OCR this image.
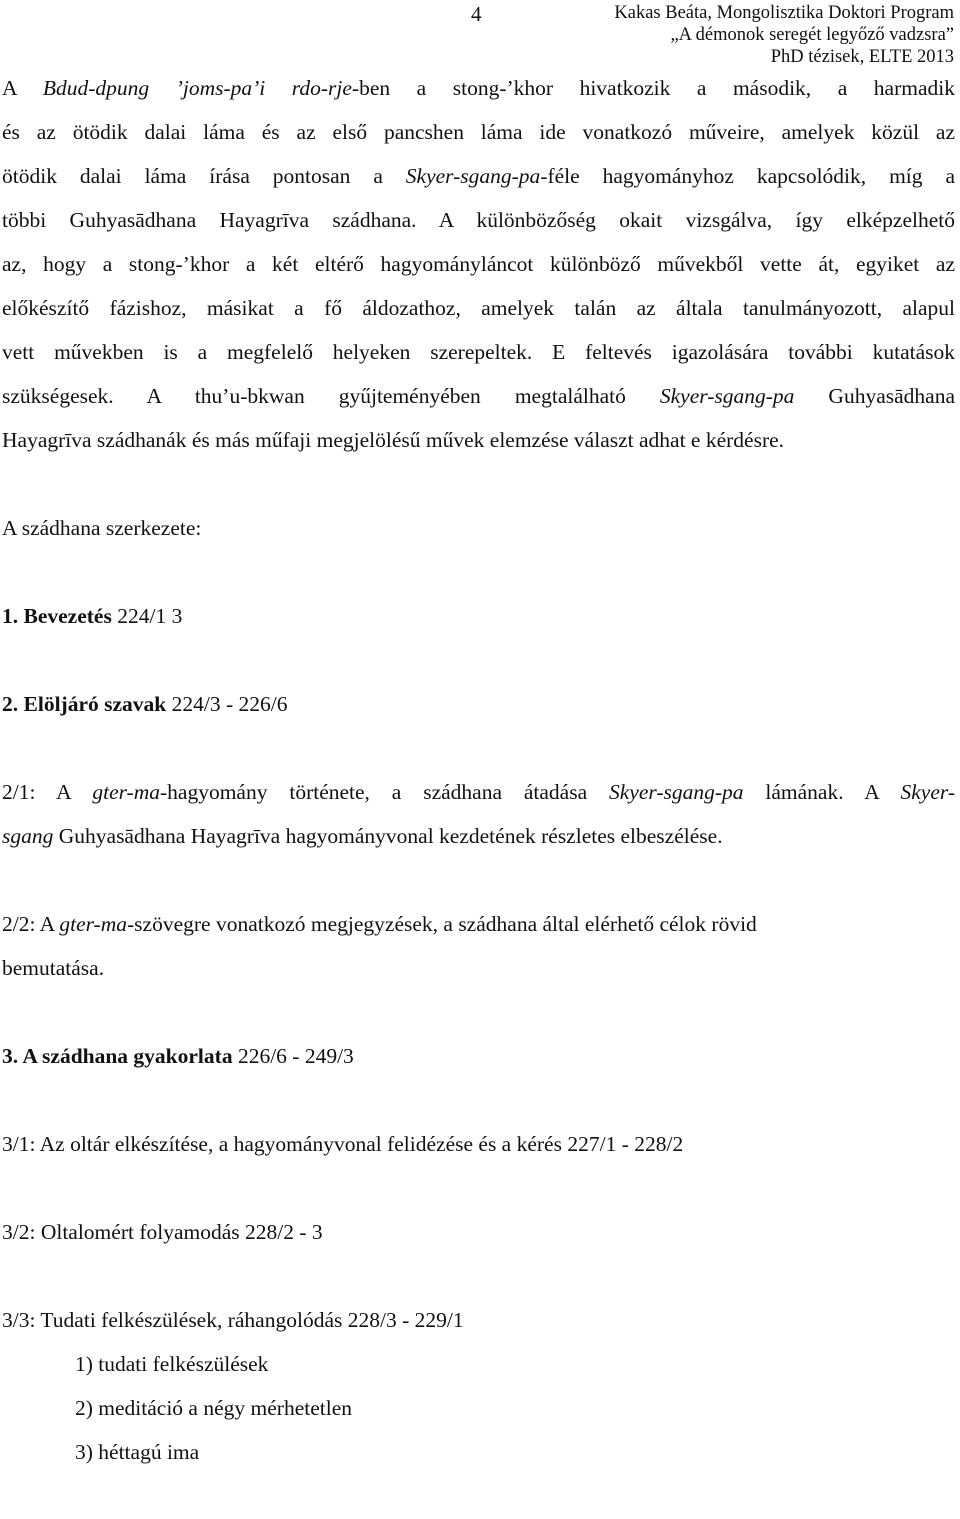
4	Kakas Beáta, Mongolisztika Doktori Program
„A démonok seregét legyőző vadzsra”
PhD tézisek, ELTE 2013
A Bdud-dpung ’joms-pa’i rdo-rje-ben a stong-’khor hivatkozik a második, a harmadik
és az ötödik dalai láma és az első pancshen láma ide vonatkozó műveire, amelyek közül az
ötödik dalai láma írása pontosan a Skyer-sgang-pa-féle hagyományhoz kapcsolódik, míg a
többi Guhyasādhana Hayagrīva szádhana. A különbözőség okait vizsgálva, így elképzelhető
az, hogy a stong-’khor a két eltérő hagyományláncot különböző művekből vette át, egyiket az
előkészítő fázishoz, másikat a fő áldozathoz, amelyek talán az általa tanulmányozott, alapul
vett művekben is a megfelelő helyeken szerepeltek. E feltevés igazolására további kutatások
szükségesek. A thu’u-bkwan gyűjteményében megtalálható Skyer-sgang-pa Guhyasādhana
Hayagrīva szádhanák és más műfaji megjelölésű művek elemzése választ adhat e kérdésre.
A szádhana szerkezete:
1. Bevezetés 224/1 3
2. Elöljáró szavak 224/3 - 226/6
2/1: A gter-ma-hagyomány története, a szádhana átadása Skyer-sgang-pa lámának. A Skyer-
sgang Guhyasādhana Hayagrīva hagyományvonal kezdetének részletes elbeszélése.
2/2: A gter-ma-szövegre vonatkozó megjegyzések, a szádhana által elérhető célok rövid
bemutatása.
3. A szádhana gyakorlata 226/6 - 249/3
3/1: Az oltár elkészítése, a hagyományvonal felidézése és a kérés 227/1 - 228/2
3/2: Oltalomért folyamodás 228/2 - 3
3/3: Tudati felkészülések, ráhangolódás 228/3 - 229/1
1) tudati felkészülések
2) meditáció a négy mérhetetlen
3) héttagú ima
